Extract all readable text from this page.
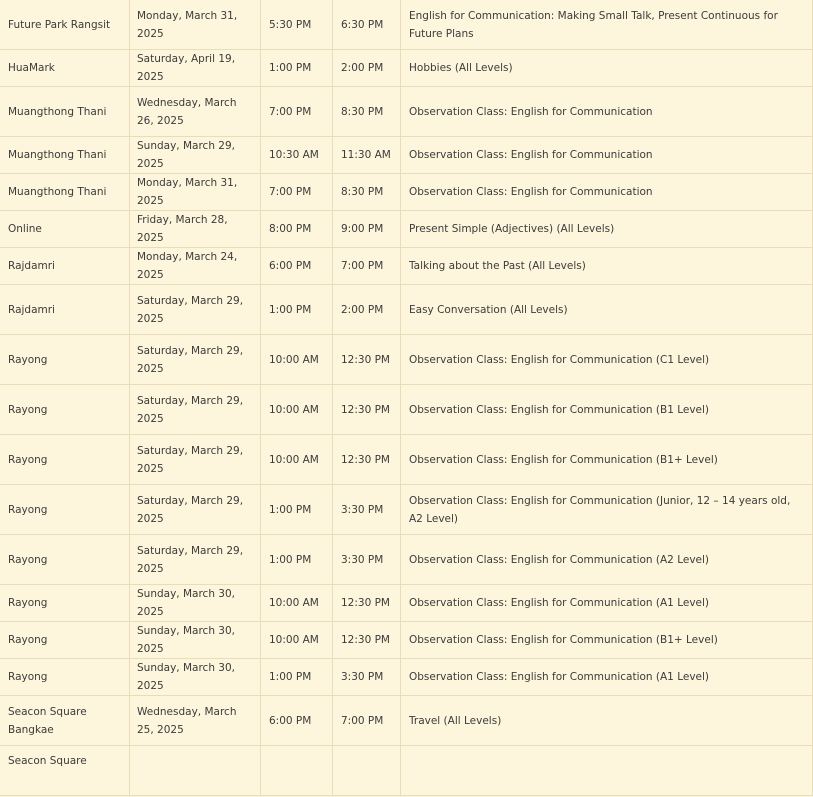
Future Park Rangsit	Monday, March 31, 2025	5:30 PM	6:30 PM	English for Communication: Making Small Talk, Present Continuous for Future Plans
HuaMark	Saturday, April 19, 2025	1:00 PM	2:00 PM	Hobbies (All Levels)
Muangthong Thani	Wednesday, March 26, 2025	7:00 PM	8:30 PM	Observation Class: English for Communication
Muangthong Thani	Sunday, March 29, 2025	10:30 AM	11:30 AM	Observation Class: English for Communication
Muangthong Thani	Monday, March 31, 2025	7:00 PM	8:30 PM	Observation Class: English for Communication
Online	Friday, March 28, 2025	8:00 PM	9:00 PM	Present Simple (Adjectives) (All Levels)
Rajdamri	Monday, March 24, 2025	6:00 PM	7:00 PM	Talking about the Past (All Levels)
Rajdamri	Saturday, March 29, 2025	1:00 PM	2:00 PM	Easy Conversation (All Levels)
Rayong	Saturday, March 29, 2025	10:00 AM	12:30 PM	Observation Class: English for Communication (C1 Level)
Rayong	Saturday, March 29, 2025	10:00 AM	12:30 PM	Observation Class: English for Communication (B1 Level)
Rayong	Saturday, March 29, 2025	10:00 AM	12:30 PM	Observation Class: English for Communication (B1+ Level)
Rayong	Saturday, March 29, 2025	1:00 PM	3:30 PM	Observation Class: English for Communication (Junior, 12 – 14 years old, A2 Level)
Rayong	Saturday, March 29, 2025	1:00 PM	3:30 PM	Observation Class: English for Communication (A2 Level)
Rayong	Sunday, March 30, 2025	10:00 AM	12:30 PM	Observation Class: English for Communication (A1 Level)
Rayong	Sunday, March 30, 2025	10:00 AM	12:30 PM	Observation Class: English for Communication (B1+ Level)
Rayong	Sunday, March 30, 2025	1:00 PM	3:30 PM	Observation Class: English for Communication (A1 Level)
Seacon Square Bangkae	Wednesday, March 25, 2025	6:00 PM	7:00 PM	Travel (All Levels)
Seacon Square				
